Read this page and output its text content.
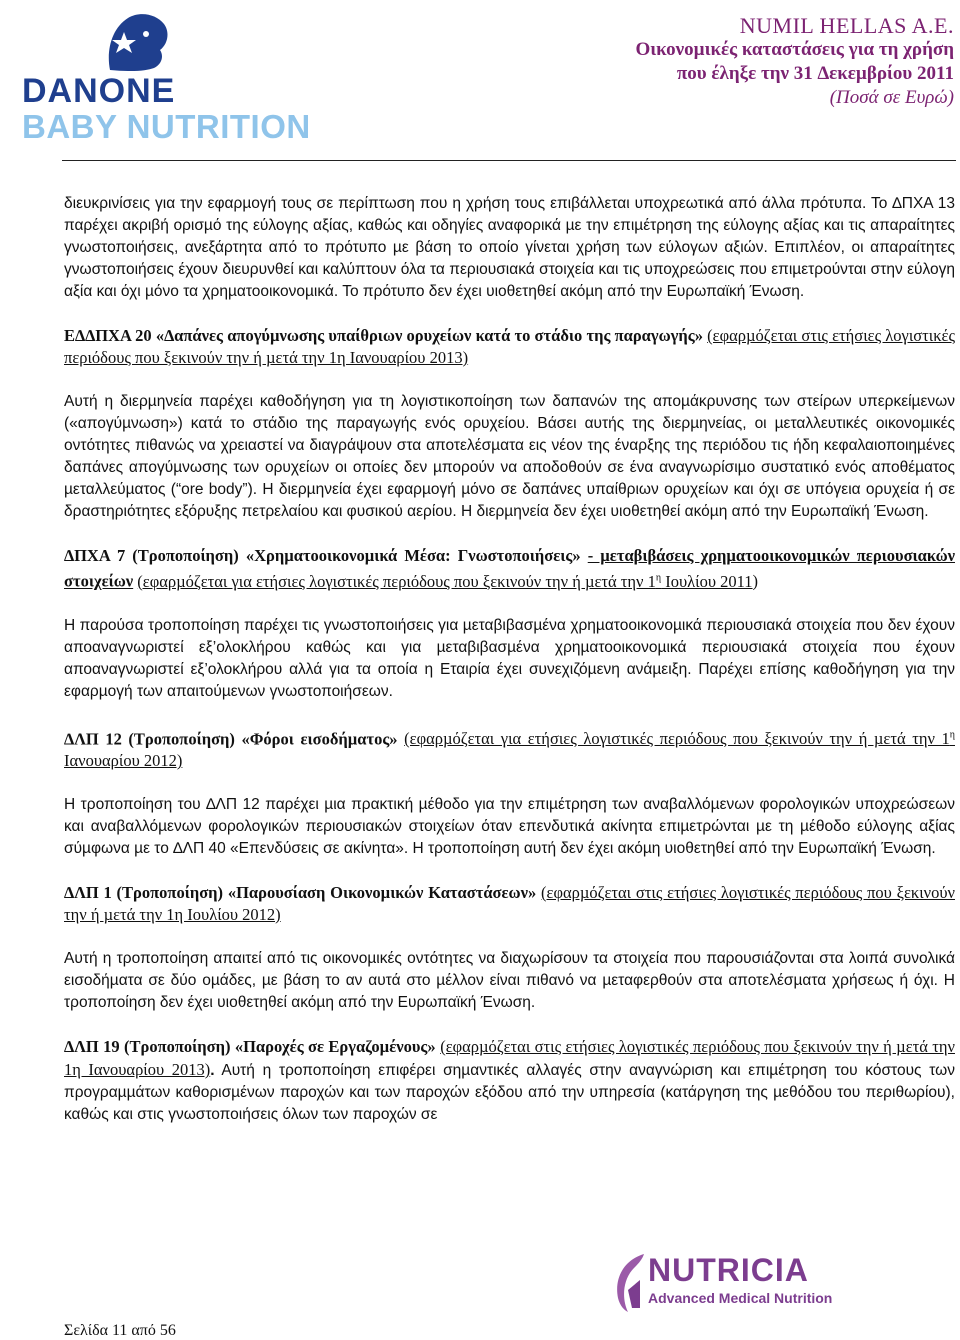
DANONE
BABY NUTRITION
NUMIL HELLAS A.E.
Οικονοµικές καταστάσεις για τη χρήση
που έληξε την 31 ∆εκεµβρίου 2011
(Ποσά σε Ευρώ)

διευκρινίσεις για την εφαρµογή τους σε περίπτωση που η χρήση τους επιβάλλεται υποχρεωτικά από άλλα πρότυπα. Το ∆ΠΧΑ 13 παρέχει ακριβή ορισµό της εύλογης αξίας, καθώς και οδηγίες αναφορικά µε την επιµέτρηση της εύλογης αξίας και τις απαραίτητες γνωστοποιήσεις, ανεξάρτητα από το πρότυπο µε βάση το οποίο γίνεται χρήση των εύλογων αξιών. Επιπλέον, οι απαραίτητες γνωστοποιήσεις έχουν διευρυνθεί και καλύπτουν όλα τα περιουσιακά στοιχεία και τις υποχρεώσεις που επιµετρούνται στην εύλογη αξία και όχι µόνο τα χρηµατοοικονοµικά. Το πρότυπο δεν έχει υιοθετηθεί ακόµη από την Ευρωπαϊκή Ένωση.

Ε∆∆ΠΧΑ 20 «∆απάνες απογύµνωσης υπαίθριων ορυχείων κατά το στάδιο της παραγωγής» (εφαρµόζεται στις ετήσιες λογιστικές περιόδους που ξεκινούν την ή µετά την 1η Ιανουαρίου 2013)

Αυτή η διερµηνεία παρέχει καθοδήγηση για τη λογιστικοποίηση των δαπανών της αποµάκρυνσης των στείρων υπερκείµενων («απογύµνωση») κατά το στάδιο της παραγωγής ενός ορυχείου. Βάσει αυτής της διερµηνείας, οι µεταλλευτικές οικονοµικές οντότητες πιθανώς να χρειαστεί να διαγράψουν στα αποτελέσµατα εις νέον της έναρξης της περιόδου τις ήδη κεφαλαιοποιηµένες δαπάνες απογύµνωσης των ορυχείων οι οποίες δεν µπορούν να αποδοθούν σε ένα αναγνωρίσιµο συστατικό ενός αποθέµατος µεταλλεύµατος (“ore body”). Η διερµηνεία έχει εφαρµογή µόνο σε δαπάνες υπαίθριων ορυχείων και όχι σε υπόγεια ορυχεία ή σε δραστηριότητες εξόρυξης πετρελαίου και φυσικού αερίου. Η διερµηνεία δεν έχει υιοθετηθεί ακόµη από την Ευρωπαϊκή Ένωση.

∆ΠΧΑ 7 (Τροποποίηση) «Χρηµατοοικονοµικά Μέσα: Γνωστοποιήσεις» - µεταβιβάσεις χρηµατοοικονοµικών περιουσιακών στοιχείων (εφαρµόζεται για ετήσιες λογιστικές περιόδους που ξεκινούν την ή µετά την $1^\eta$ Ιουλίου 2011)

Η παρούσα τροποποίηση παρέχει τις γνωστοποιήσεις για µεταβιβασµένα χρηµατοοικονοµικά περιουσιακά στοιχεία που δεν έχουν αποαναγνωριστεί εξ’ολοκλήρου καθώς και για µεταβιβασµένα χρηµατοοικονοµικά περιουσιακά στοιχεία που έχουν αποαναγνωριστεί εξ’ολοκλήρου αλλά για τα οποία η Εταιρία έχει συνεχιζόµενη ανάµειξη. Παρέχει επίσης καθοδήγηση για την εφαρµογή των απαιτούµενων γνωστοποιήσεων.

∆ΛΠ 12 (Τροποποίηση) «Φόροι εισοδήµατος» (εφαρµόζεται για ετήσιες λογιστικές περιόδους που ξεκινούν την ή µετά την $1^\eta$ Ιανουαρίου 2012)

Η τροποποίηση του ∆ΛΠ 12 παρέχει µια πρακτική µέθοδο για την επιµέτρηση των αναβαλλόµενων φορολογικών υποχρεώσεων και αναβαλλόµενων φορολογικών περιουσιακών στοιχείων όταν επενδυτικά ακίνητα επιµετρώνται µε τη µέθοδο εύλογης αξίας σύµφωνα µε το ∆ΛΠ 40 «Επενδύσεις σε ακίνητα». Η τροποποίηση αυτή δεν έχει ακόµη υιοθετηθεί από την Ευρωπαϊκή Ένωση.

∆ΛΠ 1 (Τροποποίηση) «Παρουσίαση Οικονοµικών Καταστάσεων» (εφαρµόζεται στις ετήσιες λογιστικές περιόδους που ξεκινούν την ή µετά την 1η Ιουλίου 2012)

Αυτή η τροποποίηση απαιτεί από τις οικονοµικές οντότητες να διαχωρίσουν τα στοιχεία που παρουσιάζονται στα λοιπά συνολικά εισοδήµατα σε δύο οµάδες, µε βάση το αν αυτά στο µέλλον είναι πιθανό να µεταφερθούν στα αποτελέσµατα χρήσεως ή όχι. Η τροποποίηση δεν έχει υιοθετηθεί ακόµη από την Ευρωπαϊκή Ένωση.

∆ΛΠ 19 (Τροποποίηση) «Παροχές σε Εργαζοµένους» (εφαρµόζεται στις ετήσιες λογιστικές περιόδους που ξεκινούν την ή µετά την 1η Ιανουαρίου 2013). Αυτή η τροποποίηση επιφέρει σηµαντικές αλλαγές στην αναγνώριση και επιµέτρηση του κόστους των προγραµµάτων καθορισµένων παροχών και των παροχών εξόδου από την υπηρεσία (κατάργηση της µεθόδου του περιθωρίου), καθώς και στις γνωστοποιήσεις όλων των παροχών σε

NUTRICIA
Advanced Medical Nutrition
Σελίδα 11 από 56
